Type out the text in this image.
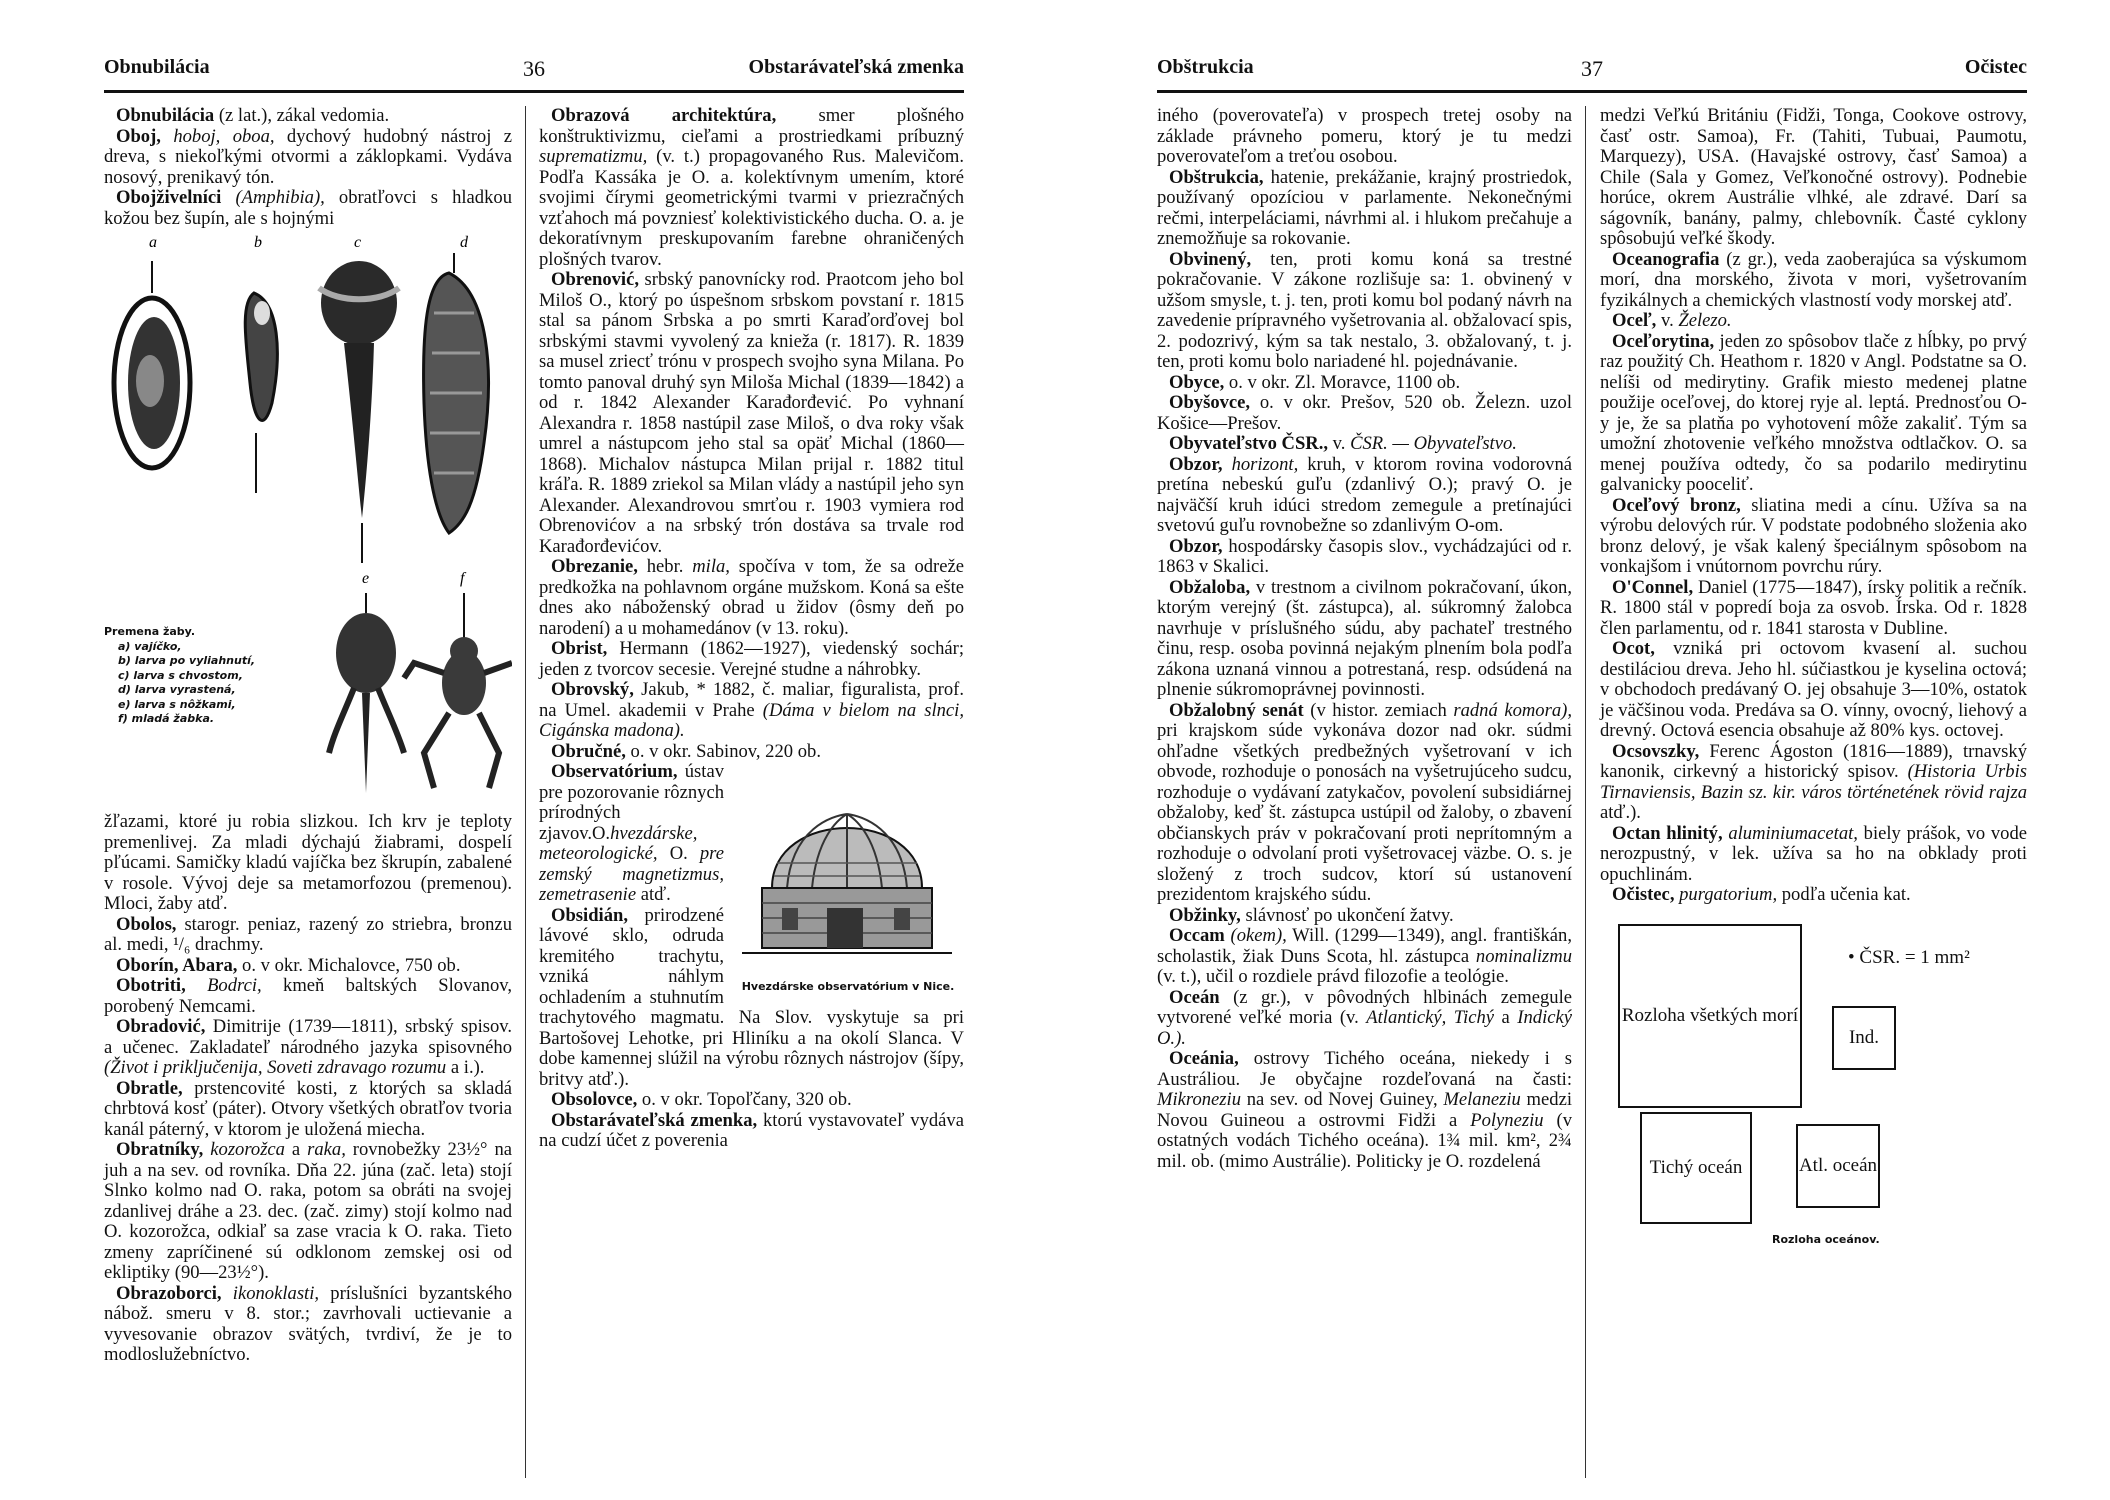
Obnubilácia	36	Obstarávateľská zmenka

Obnubilácia (z lat.), zákal vedomia.

Oboj, hoboj, oboa, dychový hudobný nástroj z dreva, s niekoľkými otvormi a záklopkami. Vydáva nosový, prenikavý tón.

Obojživelníci (Amphibia), obratľovci s hladkou kožou bez šupín, ale s hojnými

a	b	c	d
e	f
Premena žaby.
a) vajíčko,
b) larva po vyliahnutí,
c) larva s chvostom,
d) larva vyrastená,
e) larva s nôžkami,
f) mladá žabka.

žľazami, ktoré ju robia slizkou. Ich krv je teploty premenlivej. Za mladi dýchajú žiabrami, dospelí pľúcami. Samičky kladú vajíčka bez škrupín, zabalené v rosole. Vývoj deje sa metamorfozou (premenou). Mloci, žaby atď.

Obolos, starogr. peniaz, razený zo striebra, bronzu al. medi, ¹/₆ drachmy.

Oborín, Abara, o. v okr. Michalovce, 750 ob.

Obotriti, Bodrci, kmeň baltských Slovanov, porobený Nemcami.

Obradović, Dimitrije (1739—1811), srbský spisov. a učenec. Zakladateľ národného jazyka spisovného (Život i priključenija, Soveti zdravago rozumu a i.).

Obratle, prstencovité kosti, z ktorých sa skladá chrbtová kosť (páter). Otvory všetkých obratľov tvoria kanál páterný, v ktorom je uložená miecha.

Obratníky, kozorožca a raka, rovnobežky 23½° na juh a na sev. od rovníka. Dňa 22. júna (zač. leta) stojí Slnko kolmo nad O. raka, potom sa obráti na svojej zdanlivej dráhe a 23. dec. (zač. zimy) stojí kolmo nad O. kozorožca, odkiaľ sa zase vracia k O. raka. Tieto zmeny zapríčinené sú odklonom zemskej osi od ekliptiky (90—23½°).

Obrazoborci, ikonoklasti, príslušníci byzantského nábož. smeru v 8. stor.; zavrhovali uctievanie a vyvesovanie obrazov svätých, tvrdiví, že je to modloslužebníctvo.

Obrazová architektúra, smer plošného konštruktivizmu, cieľami a prostriedkami príbuzný suprematizmu, (v. t.) propagovaného Rus. Malevičom. Podľa Kassáka je O. a. kolektívnym umením, ktoré svojimi čírymi geometrickými tvarmi v priezračných vzťahoch má povzniesť kolektivistického ducha. O. a. je dekoratívnym preskupovaním farebne ohraničených plošných tvarov.

Obrenović, srbský panovnícky rod. Praotcom jeho bol Miloš O., ktorý po úspešnom srbskom povstaní r. 1815 stal sa pánom Srbska a po smrti Karaďorďovej bol srbskými stavmi vyvolený za knieža (r. 1817). R. 1839 sa musel zriecť trónu v prospech svojho syna Milana. Po tomto panoval druhý syn Miloša Michal (1839—1842) a od r. 1842 Alexander Karađorđević. Po vyhnaní Alexandra r. 1858 nastúpil zase Miloš, o dva roky však umrel a nástupcom jeho stal sa opäť Michal (1860—1868). Michalov nástupca Milan prijal r. 1882 titul kráľa. R. 1889 zriekol sa Milan vlády a nastúpil jeho syn Alexander. Alexandrovou smrťou r. 1903 vymiera rod Obrenovićov a na srbský trón dostáva sa trvale rod Karađorđevićov.

Obrezanie, hebr. mila, spočíva v tom, že sa odreže predkožka na pohlavnom orgáne mužskom. Koná sa ešte dnes ako náboženský obrad u židov (ôsmy deň po narodení) a u mohamedánov (v 13. roku).

Obrist, Hermann (1862—1927), viedenský sochár; jeden z tvorcov secesie. Verejné studne a náhrobky.

Obrovský, Jakub, * 1882, č. maliar, figuralista, prof. na Umel. akademii v Prahe (Dáma v bielom na slnci, Cigánska madona).

Obručné, o. v okr. Sabinov, 220 ob.

Hvezdárske observatórium v Nice.

Observatórium, ústav pre pozorovanie rôznych prírodných zjavov.O.hvezdárske, meteorologické, O. pre zemský magnetizmus, zemetrasenie atď.

Obsidián, prirodzené lávové sklo, odruda kremitého trachytu, vzniká náhlym ochladením a stuhnutím trachytového magmatu. Na Slov. vyskytuje sa pri Bartošovej Lehotke, pri Hliníku a na okolí Slanca. V dobe kamennej slúžil na výrobu rôznych nástrojov (šípy, britvy atď.).

Obsolovce, o. v okr. Topoľčany, 320 ob.

Obstarávateľská zmenka, ktorú vystavovateľ vydáva na cudzí účet z poverenia

Obštrukcia	37	Očistec

iného (poverovateľa) v prospech tretej osoby na základe právneho pomeru, ktorý je tu medzi poverovateľom a treťou osobou.

Obštrukcia, hatenie, prekážanie, krajný prostriedok, používaný opozíciou v parlamente. Nekonečnými rečmi, interpeláciami, návrhmi al. i hlukom prečahuje a znemožňuje sa rokovanie.

Obvinený, ten, proti komu koná sa trestné pokračovanie. V zákone rozlišuje sa: 1. obvinený v užšom smysle, t. j. ten, proti komu bol podaný návrh na zavedenie prípravného vyšetrovania al. obžalovací spis, 2. podozrivý, kým sa tak nestalo, 3. obžalovaný, t. j. ten, proti komu bolo nariadené hl. pojednávanie.

Obyce, o. v okr. Zl. Moravce, 1100 ob.

Obyšovce, o. v okr. Prešov, 520 ob. Železn. uzol Košice—Prešov.

Obyvateľstvo ČSR., v. ČSR. — Obyvateľstvo.

Obzor, horizont, kruh, v ktorom rovina vodorovná pretína nebeskú guľu (zdanlivý O.); pravý O. je najväčší kruh idúci stredom zemegule a pretínajúci svetovú guľu rovnobežne so zdanlivým O-om.

Obzor, hospodársky časopis slov., vychádzajúci od r. 1863 v Skalici.

Obžaloba, v trestnom a civilnom pokračovaní, úkon, ktorým verejný (št. zástupca), al. súkromný žalobca navrhuje v príslušného súdu, aby pachateľ trestného činu, resp. osoba povinná nejakým plnením bola podľa zákona uznaná vinnou a potrestaná, resp. odsúdená na plnenie súkromoprávnej povinnosti.

Obžalobný senát (v histor. zemiach radná komora), pri krajskom súde vykonáva dozor nad okr. súdmi ohľadne všetkých predbežných vyšetrovaní v ich obvode, rozhoduje o ponosách na vyšetrujúceho sudcu, rozhoduje o vydávaní zatykačov, povolení subsidiárnej obžaloby, keď št. zástupca ustúpil od žaloby, o zbavení občianskych práv v pokračovaní proti neprítomným a rozhoduje o odvolaní proti vyšetrovacej väzbe. O. s. je složený z troch sudcov, ktorí sú ustanovení prezidentom krajského súdu.

Obžinky, slávnosť po ukončení žatvy.

Occam (okem), Will. (1299—1349), angl. františkán, scholastik, žiak Duns Scota, hl. zástupca nominalizmu (v. t.), učil o rozdiele právd filozofie a teológie.

Oceán (z gr.), v pôvodných hlbinách zemegule vytvorené veľké moria (v. Atlantický, Tichý a Indický O.).

Oceánia, ostrovy Tichého oceána, niekedy i s Austráliou. Je obyčajne rozdeľovaná na časti: Mikroneziu na sev. od Novej Guiney, Melaneziu medzi Novou Guineou a ostrovmi Fidži a Polyneziu (v ostatných vodách Tichého oceána). 1¾ mil. km², 2¾ mil. ob. (mimo Austrálie). Politicky je O. rozdelená

medzi Veľkú Britániu (Fidži, Tonga, Cookove ostrovy, časť ostr. Samoa), Fr. (Tahiti, Tubuai, Paumotu, Marquezy), USA. (Havajské ostrovy, časť Samoa) a Chile (Sala y Gomez, Veľkonočné ostrovy). Podnebie horúce, okrem Austrálie vlhké, ale zdravé. Darí sa ságovník, banány, palmy, chlebovník. Časté cyklony spôsobujú veľké škody.

Oceanografia (z gr.), veda zaoberajúca sa výskumom morí, dna morského, života v mori, vyšetrovaním fyzikálnych a chemických vlastností vody morskej atď.

Oceľ, v. Železo.

Oceľorytina, jeden zo spôsobov tlače z hĺbky, po prvý raz použitý Ch. Heathom r. 1820 v Angl. Podstatne sa O. nelíši od medirytiny. Grafik miesto medenej platne použije oceľovej, do ktorej ryje al. leptá. Prednosťou O-y je, že sa platňa po vyhotovení môže zakaliť. Tým sa umožní zhotovenie veľkého množstva odtlačkov. O. sa menej používa odtedy, čo sa podarilo medirytinu galvanicky pooceliť.

Oceľový bronz, sliatina medi a cínu. Užíva sa na výrobu delových rúr. V podstate podobného složenia ako bronz delový, je však kalený špeciálnym spôsobom na vonkajšom i vnútornom povrchu rúry.

O'Connel, Daniel (1775—1847), írsky politik a rečník. R. 1800 stál v popredí boja za osvob. Írska. Od r. 1828 člen parlamentu, od r. 1841 starosta v Dubline.

Ocot, vzniká pri octovom kvasení al. suchou destiláciou dreva. Jeho hl. súčiastkou je kyselina octová; v obchodoch predávaný O. jej obsahuje 3—10%, ostatok je väčšinou voda. Predáva sa O. vínny, ovocný, liehový a drevný. Octová esencia obsahuje až 80% kys. octovej.

Ocsovszky, Ferenc Ágoston (1816—1889), trnavský kanonik, cirkevný a historický spisov. (Historia Urbis Tirnaviensis, Bazin sz. kir. város történetének rövid rajza atď.).

Octan hlinitý, aluminiumacetat, biely prášok, vo vode nerozpustný, v lek. užíva sa ho na obklady proti opuchlinám.

Očistec, purgatorium, podľa učenia kat.

• ČSR. = 1 mm²
Rozloha všetkých morí
Ind.
Tichý oceán	Atl. oceán
Rozloha oceánov.
